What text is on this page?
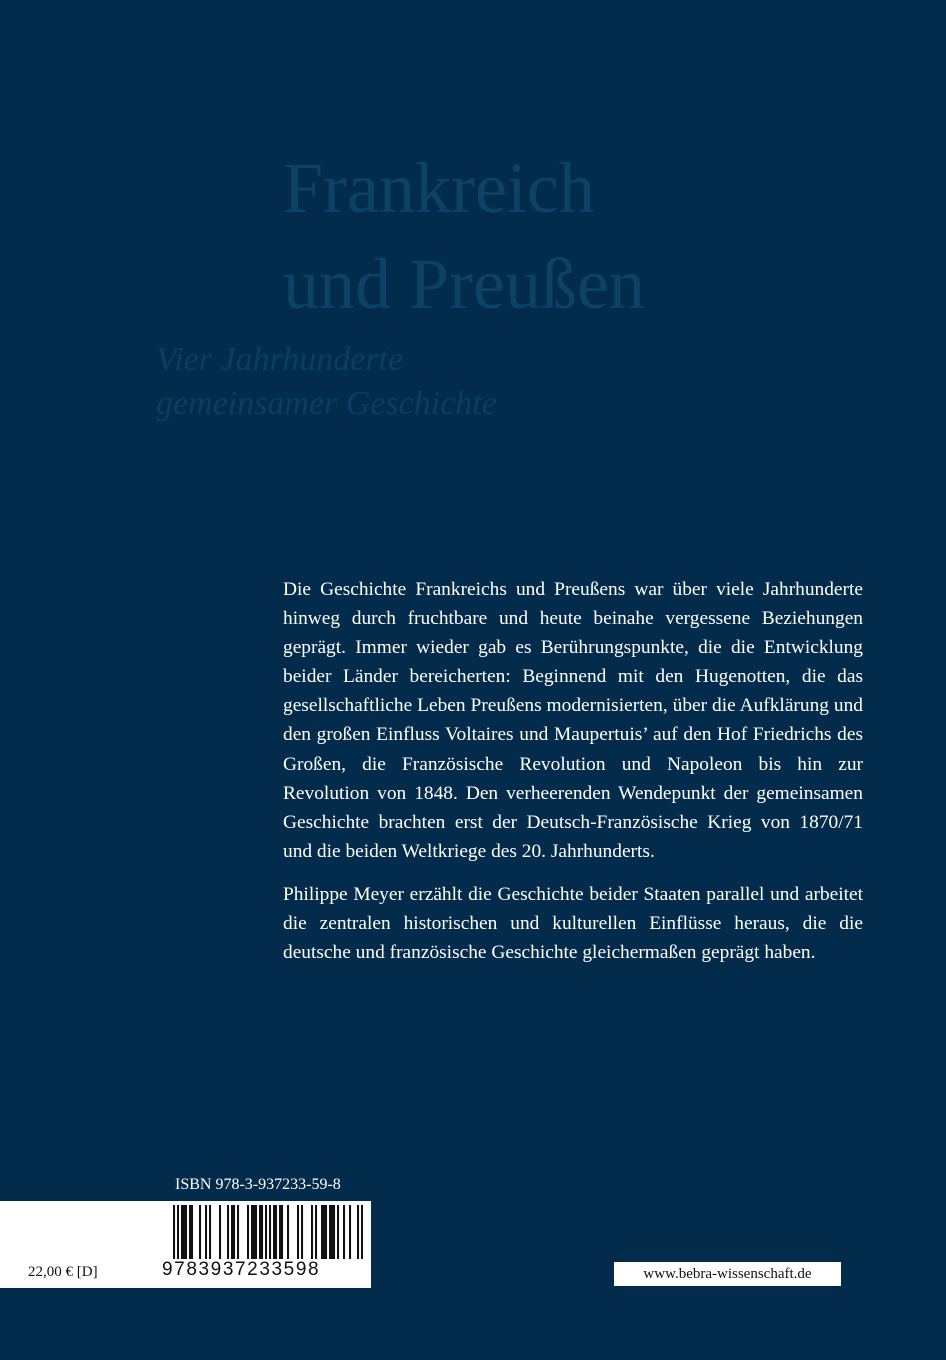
Frankreich
und Preußen
Vier Jahrhunderte
gemeinsamer Geschichte

Die Geschichte Frankreichs und Preußens war über viele Jahrhunderte hinweg durch fruchtbare und heute beinahe vergessene Beziehungen geprägt. Immer wieder gab es Berührungspunkte, die die Entwicklung beider Länder bereicherten: Beginnend mit den Hugenotten, die das gesellschaftliche Leben Preußens modernisierten, über die Aufklärung und den großen Einfluss Voltaires und Maupertuis’ auf den Hof Friedrichs des Großen, die Französische Revolution und Napoleon bis hin zur Revolution von 1848. Den verheerenden Wendepunkt der gemeinsamen Geschichte brachten erst der Deutsch-Französische Krieg von 1870/71 und die beiden Weltkriege des 20. Jahrhunderts.

Philippe Meyer erzählt die Geschichte beider Staaten parallel und arbeitet die zentralen historischen und kulturellen Einflüsse heraus, die die deutsche und französische Geschichte gleichermaßen geprägt haben.

ISBN 978-3-937233-59-8
22,00 € [D]	9783937233598	www.bebra-wissenschaft.de
